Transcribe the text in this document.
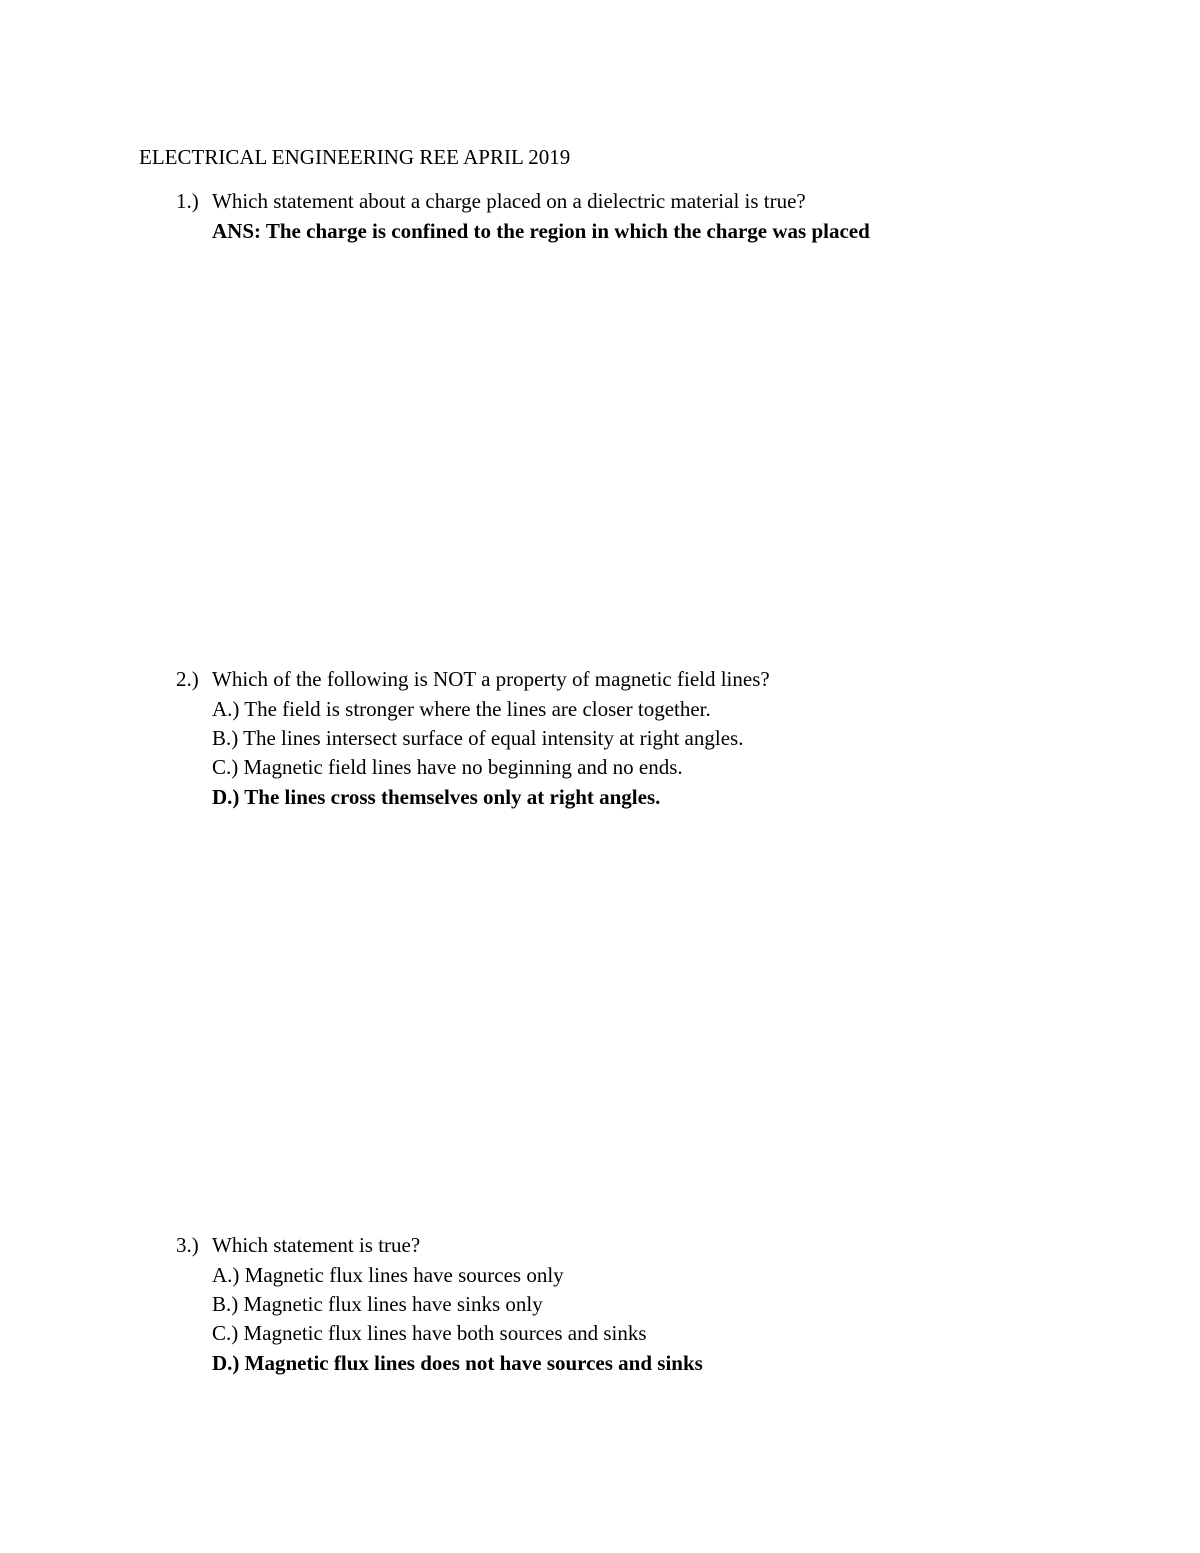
ELECTRICAL ENGINEERING REE APRIL 2019
1.) Which statement about a charge placed on a dielectric material is true?
ANS: The charge is confined to the region in which the charge was placed
2.) Which of the following is NOT a property of magnetic field lines?
A.) The field is stronger where the lines are closer together.
B.) The lines intersect surface of equal intensity at right angles.
C.) Magnetic field lines have no beginning and no ends.
D.) The lines cross themselves only at right angles.
3.) Which statement is true?
A.) Magnetic flux lines have sources only
B.) Magnetic flux lines have sinks only
C.) Magnetic flux lines have both sources and sinks
D.) Magnetic flux lines does not have sources and sinks
